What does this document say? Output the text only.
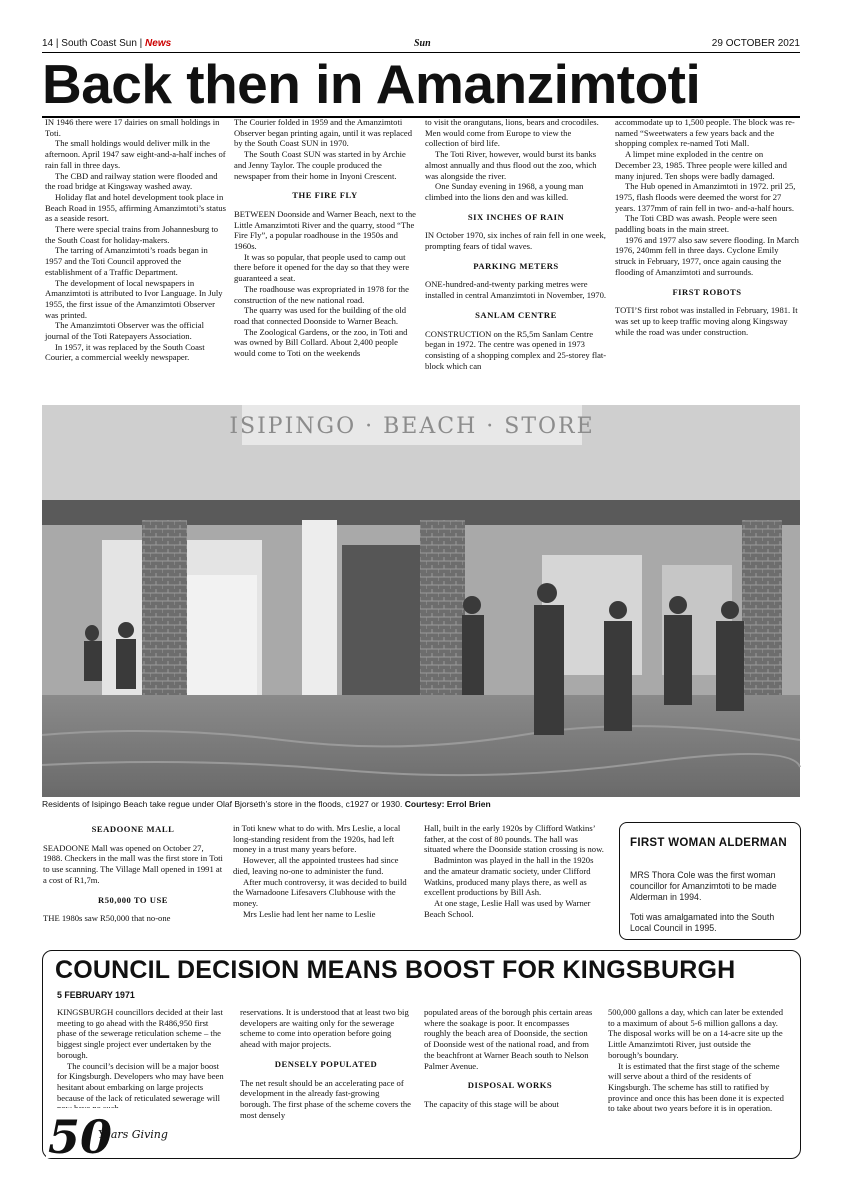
14 | South Coast Sun | News	Sun	29 OCTOBER 2021
Back then in Amanzimtoti

IN 1946 there were 17 dairies on small holdings in Toti.

The small holdings would deliver milk in the afternoon. April 1947 saw eight-and-a-half inches of rain fall in three days.

The CBD and railway station were flooded and the road bridge at Kingsway washed away.

Holiday flat and hotel development took place in Beach Road in 1955, affirming Amanzimtoti’s status as a seaside resort.

There were special trains from Johannesburg to the South Coast for holiday-makers.

The tarring of Amanzimtoti’s roads began in 1957 and the Toti Council approved the establishment of a Traffic Department.

The development of local newspapers in Amanzimtoti is attributed to Ivor Language. In July 1955, the first issue of the Amanzimtoti Observer was printed.

The Amanzimtoti Observer was the official journal of the Toti Ratepayers Association.

In 1957, it was replaced by the South Coast Courier, a commercial weekly newspaper.

The Courier folded in 1959 and the Amanzimtoti Observer began printing again, until it was replaced by the South Coast SUN in 1970.

The South Coast SUN was started in by Archie and Jenny Taylor. The couple produced the newspaper from their home in Inyoni Crescent.

THE FIRE FLY

BETWEEN Doonside and Warner Beach, next to the Little Amanzimtoti River and the quarry, stood “The Fire Fly”, a popular roadhouse in the 1950s and 1960s.

It was so popular, that people used to camp out there before it opened for the day so that they were guaranteed a seat.

The roadhouse was expropriated in 1978 for the construction of the new national road.

The quarry was used for the building of the old road that connected Doonside to Warner Beach.

The Zoological Gardens, or the zoo, in Toti and was owned by Bill Collard. About 2,400 people would come to Toti on the weekends

to visit the orangutans, lions, bears and crocodiles. Men would come from Europe to view the collection of bird life.

The Toti River, however, would burst its banks almost annually and thus flood out the zoo, which was alongside the river.

One Sunday evening in 1968, a young man climbed into the lions den and was killed.

SIX INCHES OF RAIN

IN October 1970, six inches of rain fell in one week, prompting fears of tidal waves.

PARKING METERS

ONE-hundred-and-twenty parking metres were installed in central Amanzimtoti in November, 1970.

SANLAM CENTRE

CONSTRUCTION on the R5,5m Sanlam Centre began in 1972. The centre was opened in 1973 consisting of a shopping complex and 25-storey flat-block which can

accommodate up to 1,500 people. The block was re-named “Sweetwaters a few years back and the shopping complex re-named Toti Mall.

A limpet mine exploded in the centre on December 23, 1985. Three people were killed and many injured. Ten shops were badly damaged.

The Hub opened in Amanzimtoti in 1972. pril 25, 1975, flash floods were deemed the worst for 27 years. 1377mm of rain fell in two- and-a-half hours.

The Toti CBD was awash. People were seen paddling boats in the main street.

1976 and 1977 also saw severe flooding. In March 1976, 240mm fell in three days. Cyclone Emily struck in February, 1977, once again causing the flooding of Amanzimtoti and surrounds.

FIRST ROBOTS

TOTI’S first robot was installed in February, 1981. It was set up to keep traffic moving along Kingsway while the road was under construction.

ISIPINGO · BEACH · STORE
Residents of Isipingo Beach take regue under Olaf Bjorseth’s store in the floods, c1927 or 1930. Courtesy: Errol Brien
SEADOONE MALL

SEADOONE Mall was opened on October 27, 1988. Checkers in the mall was the first store in Toti to use scanning. The Village Mall opened in 1991 at a cost of R1,7m.

R50,000 TO USE

THE 1980s saw R50,000 that no-one

in Toti knew what to do with. Mrs Leslie, a local long-standing resident from the 1920s, had left money in a trust many years before.

However, all the appointed trustees had since died, leaving no-one to administer the fund.

After much controversy, it was decided to build the Warnadoone Lifesavers Clubhouse with the money.

Mrs Leslie had lent her name to Leslie

Hall, built in the early 1920s by Clifford Watkins’ father, at the cost of 80 pounds. The hall was situated where the Doonside station crossing is now.

Badminton was played in the hall in the 1920s and the amateur dramatic society, under Clifford Watkins, produced many plays there, as well as excellent productions by Bill Ash.

At one stage, Leslie Hall was used by Warner Beach School.

FIRST WOMAN ALDERMAN

MRS Thora Cole was the first woman councillor for Amanzimtoti to be made Alderman in 1994.

Toti was amalgamated into the South Local Council in 1995.

COUNCIL DECISION MEANS BOOST FOR KINGSBURGH
5 FEBRUARY 1971

KINGSBURGH councillors decided at their last meeting to go ahead with the R486,950 first phase of the sewerage reticulation scheme – the biggest single project ever undertaken by the borough.

The council’s decision will be a major boost for Kingsburgh. Developers who may have been hesitant about embarking on large projects because of the lack of reticulated sewerage will

reservations. It is understood that at least two big developers are waiting only for the sewerage scheme to come into operation before going ahead with major projects.

DENSELY POPULATED

The net result should be an accelerating pace of development in the already fast-growing borough. The first phase of the scheme covers the most densely

populated areas of the borough phis certain areas where the soakage is poor. It encompasses roughly the beach area of Doonside, the section of Doonside west of the national road, and from the beachfront at Warner Beach south to Nelson Palmer Avenue.

DISPOSAL WORKS

The capacity of this stage will be about

500,000 gallons a day, which can later be extended to a maximum of about 5-6 million gallons a day. The disposal works will be on a 14-acre site up the Little Amanzimtoti River, just outside the borough’s boundary.

It is estimated that the first stage of the scheme will serve about a third of the residents of Kingsburgh. The scheme has still to ratified by province and once this has been done it is expected to take about two years before it is in operation.

50
Years Giving
